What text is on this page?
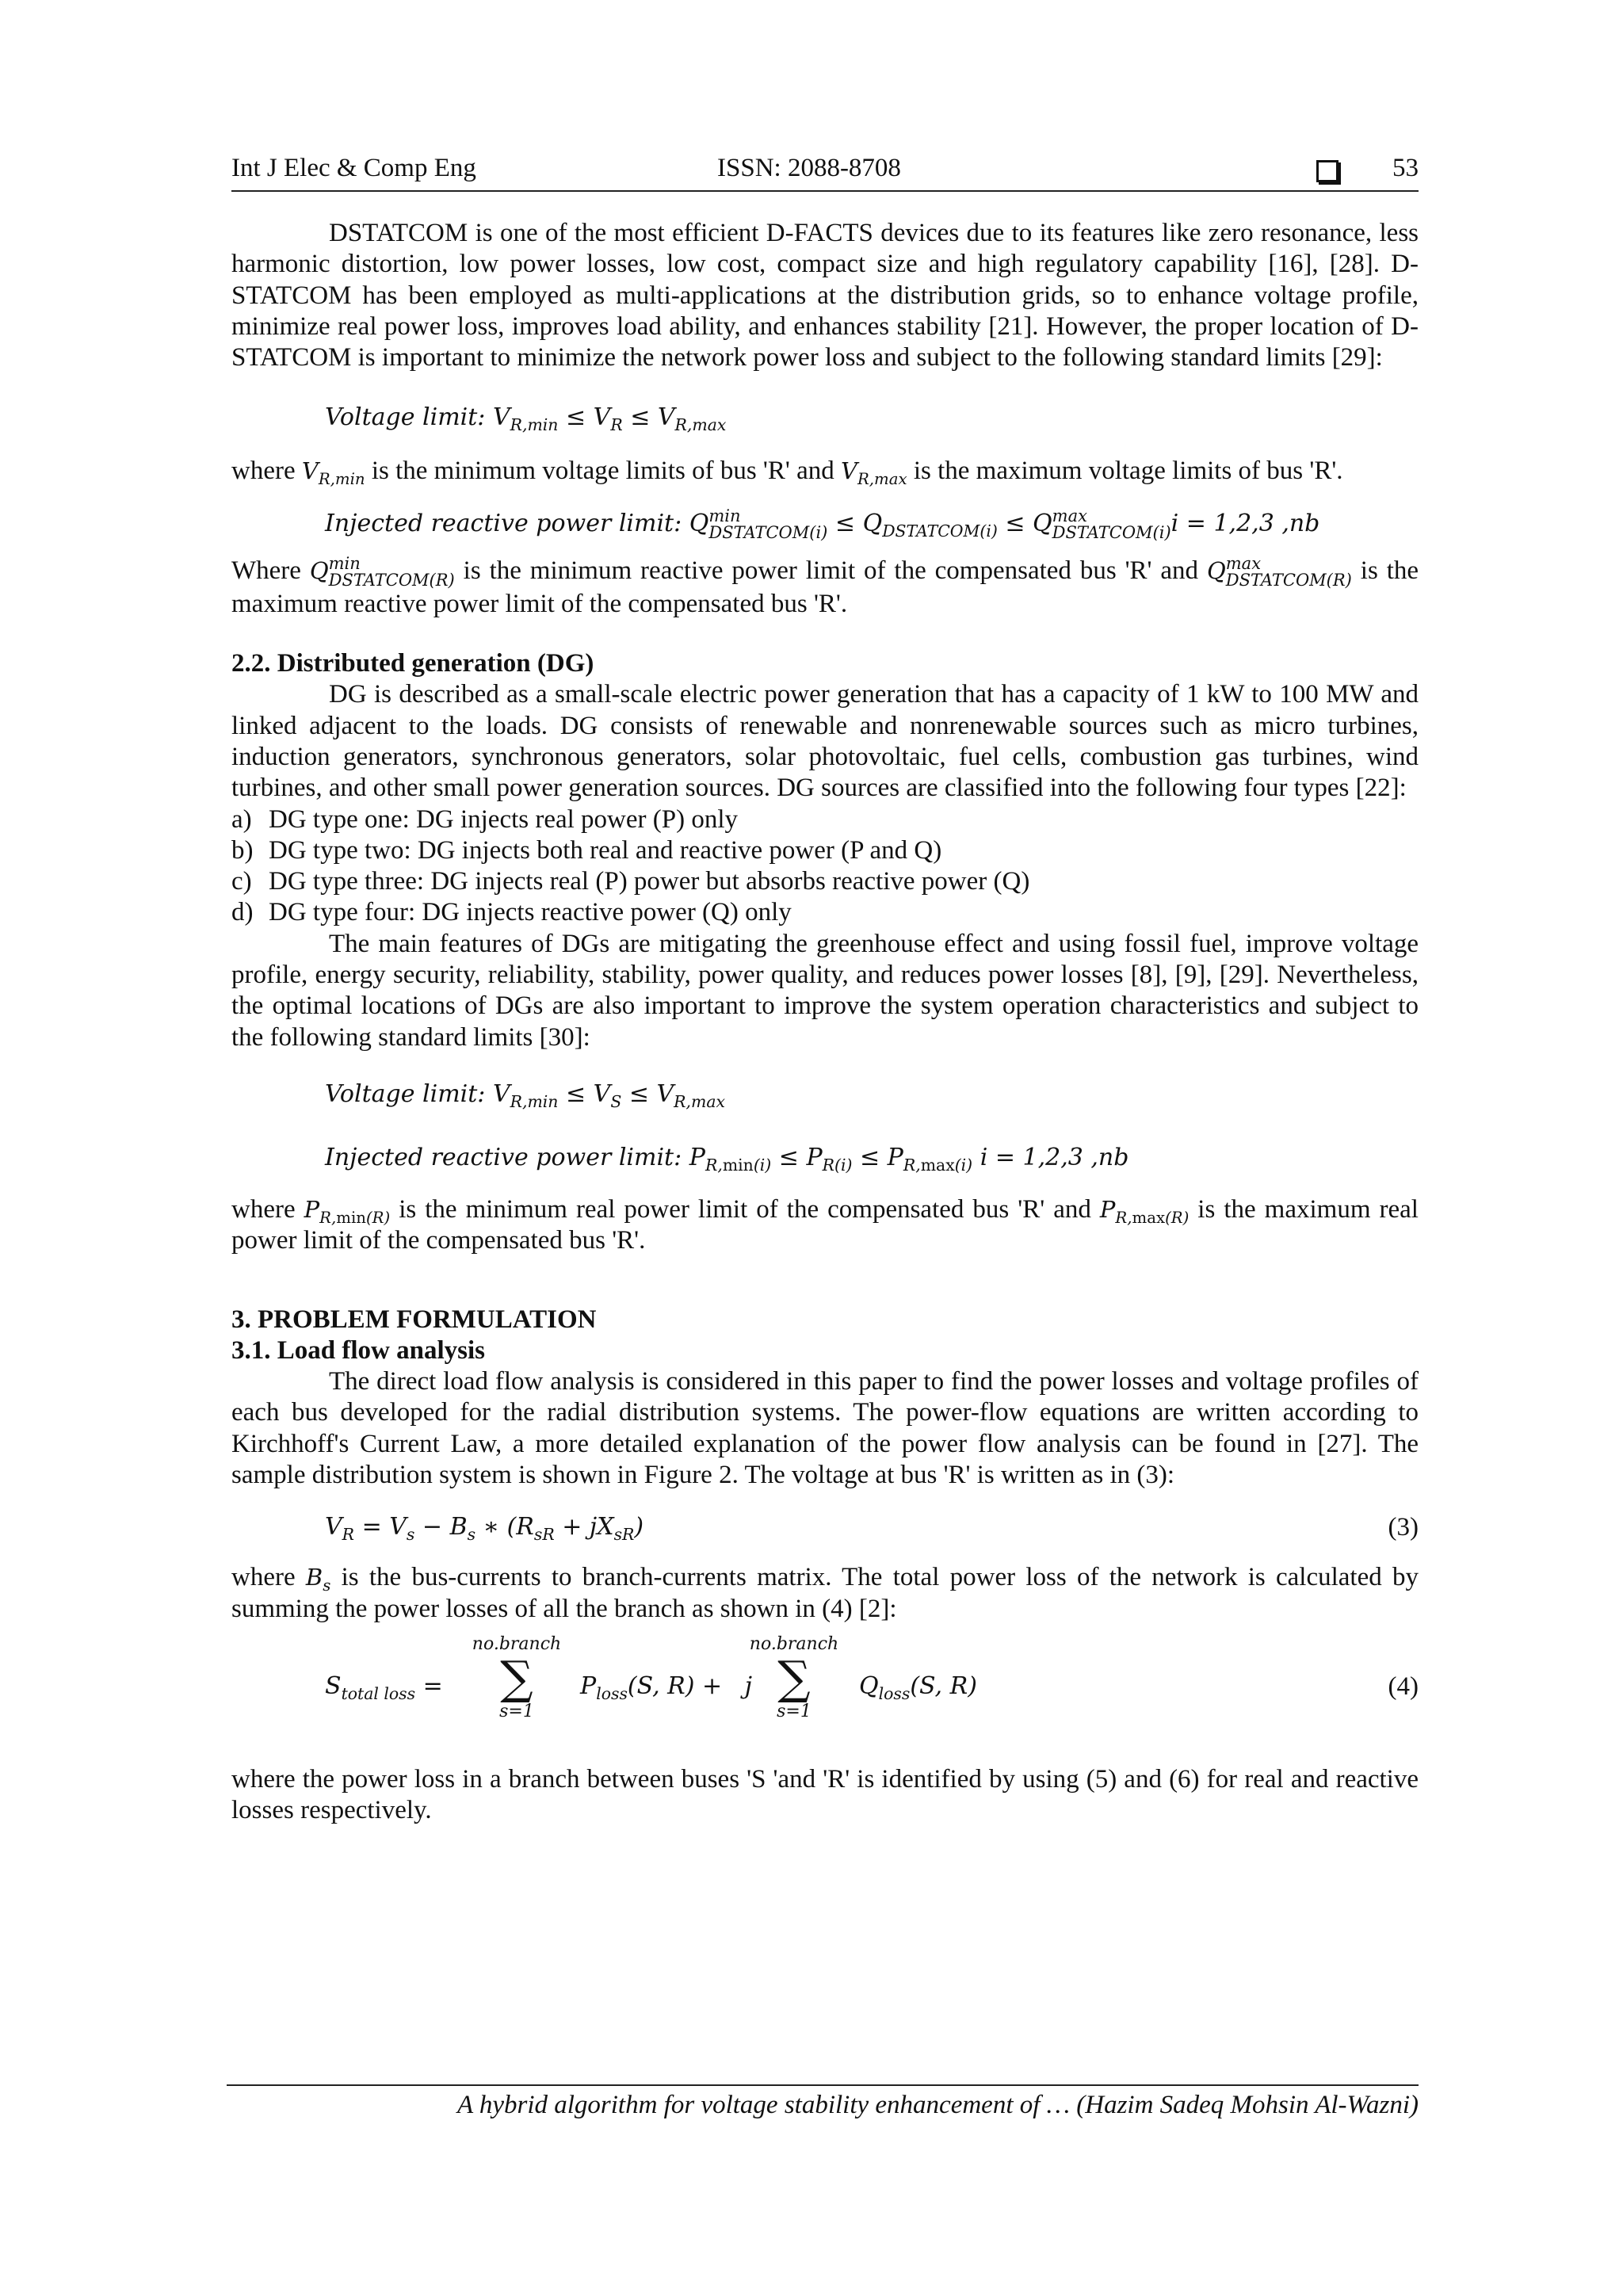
Int J Elec & Comp Eng	ISSN: 2088-8708	53

DSTATCOM is one of the most efficient D-FACTS devices due to its features like zero resonance, less harmonic distortion, low power losses, low cost, compact size and high regulatory capability [16], [28]. D-STATCOM has been employed as multi-applications at the distribution grids, so to enhance voltage profile, minimize real power loss, improves load ability, and enhances stability [21]. However, the proper location of D-STATCOM is important to minimize the network power loss and subject to the following standard limits [29]:

Voltage limit: $V_{R,min} \le V_R \le V_{R,max}$

where $V_{R,min}$ is the minimum voltage limits of bus 'R' and $V_{R,max}$ is the maximum voltage limits of bus 'R'.

Injected reactive power limit: Q min
DSTATCOM(i) ≤ $Q_{DSTATCOM(i)} \le Q$ max
DSTATCOM(i) i = 1,2,3 ,nb

Where Q min
DSTATCOM(R) is the minimum reactive power limit of the compensated bus 'R' and Q max
DSTATCOM(R) is the maximum reactive power limit of the compensated bus 'R'.

2.2. Distributed generation (DG)

DG is described as a small-scale electric power generation that has a capacity of 1 kW to 100 MW and linked adjacent to the loads. DG consists of renewable and nonrenewable sources such as micro turbines, induction generators, synchronous generators, solar photovoltaic, fuel cells, combustion gas turbines, wind turbines, and other small power generation sources. DG sources are classified into the following four types [22]:

a) DG type one: DG injects real power (P) only

b) DG type two: DG injects both real and reactive power (P and Q)

c) DG type three: DG injects real (P) power but absorbs reactive power (Q)

d) DG type four: DG injects reactive power (Q) only

The main features of DGs are mitigating the greenhouse effect and using fossil fuel, improve voltage profile, energy security, reliability, stability, power quality, and reduces power losses [8], [9], [29]. Nevertheless, the optimal locations of DGs are also important to improve the system operation characteristics and subject to the following standard limits [30]:

Voltage limit: $V_{R,min} \le V_S \le V_{R,max}$
Injected reactive power limit: $P_{R,min(i)} \le P_{R(i)} \le P_{R,max(i)}$ i = 1,2,3 ,nb

where $P_{R,min(R)}$ is the minimum real power limit of the compensated bus 'R' and $P_{R,max(R)}$ is the maximum real power limit of the compensated bus 'R'.

3. PROBLEM FORMULATION

3.1. Load flow analysis

The direct load flow analysis is considered in this paper to find the power losses and voltage profiles of each bus developed for the radial distribution systems. The power-flow equations are written according to Kirchhoff's Current Law, a more detailed explanation of the power flow analysis can be found in [27]. The sample distribution system is shown in Figure 2. The voltage at bus 'R' is written as in (3):

$V_R = V_s - B_s$ ∗ $(R_{sR} + jX_{sR})$	(3)

where $B_s$ is the bus-currents to branch-currents matrix. The total power loss of the network is calculated by summing the power losses of all the branch as shown in (4) [2]:

$S_{total loss}$ =
no.branch
∑
s=1
$P_{loss}(S$, R) +   j
no.branch
∑
s=1
$Q_{loss}(S$, R)	(4)

where the power loss in a branch between buses 'S 'and 'R' is identified by using (5) and (6) for real and reactive losses respectively.

A hybrid algorithm for voltage stability enhancement of … (Hazim Sadeq Mohsin Al-Wazni)
